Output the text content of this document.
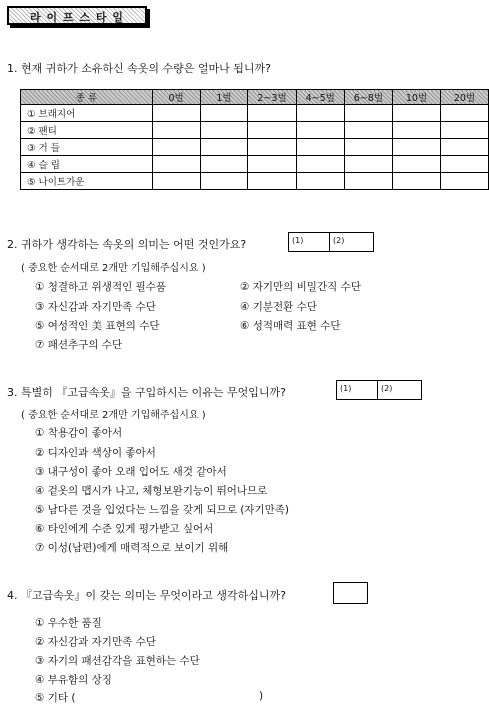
라 이 프 스 타 일
1. 현재 귀하가 소유하신 속옷의 수량은 얼마나 됩니까?
종 류	0벌	1벌	2~3벌	4~5벌	6~8벌	10벌	20벌
① 브래지어							
② 팬티							
③ 거 들							
④ 슬 립							
⑤ 나이트가운							
2. 귀하가 생각하는 속옷의 의미는 어떤 것인가요?	(1)	(2)
( 중요한 순서대로 2개만 기입해주십시요 )
① 청결하고 위생적인 필수품	② 자기만의 비밀간직 수단
③ 자신감과 자기만족 수단	④ 기분전환 수단
⑤ 여성적인 美 표현의 수단	⑥ 성적매력 표현 수단
⑦ 패션추구의 수단
3. 특별히 『고급속옷』을 구입하시는 이유는 무엇입니까?	(1)	(2)
( 중요한 순서대로 2개만 기입해주십시요 )
① 착용감이 좋아서
② 디자인과 색상이 좋아서
③ 내구성이 좋아 오래 입어도 새것 같아서
④ 겉옷의 맵시가 나고, 체형보완기능이 뛰어나므로
⑤ 남다른 것을 입었다는 느낌을 갖게 되므로 (자기만족)
⑥ 타인에게 수준 있게 평가받고 싶어서
⑦ 이성(남편)에게 매력적으로 보이기 위해
4. 『고급속옷』이 갖는 의미는 무엇이라고 생각하십니까?
① 우수한 품질
② 자신감과 자기만족 수단
③ 자기의 패션감각을 표현하는 수단
④ 부유함의 상징
⑤ 기타 (	)
